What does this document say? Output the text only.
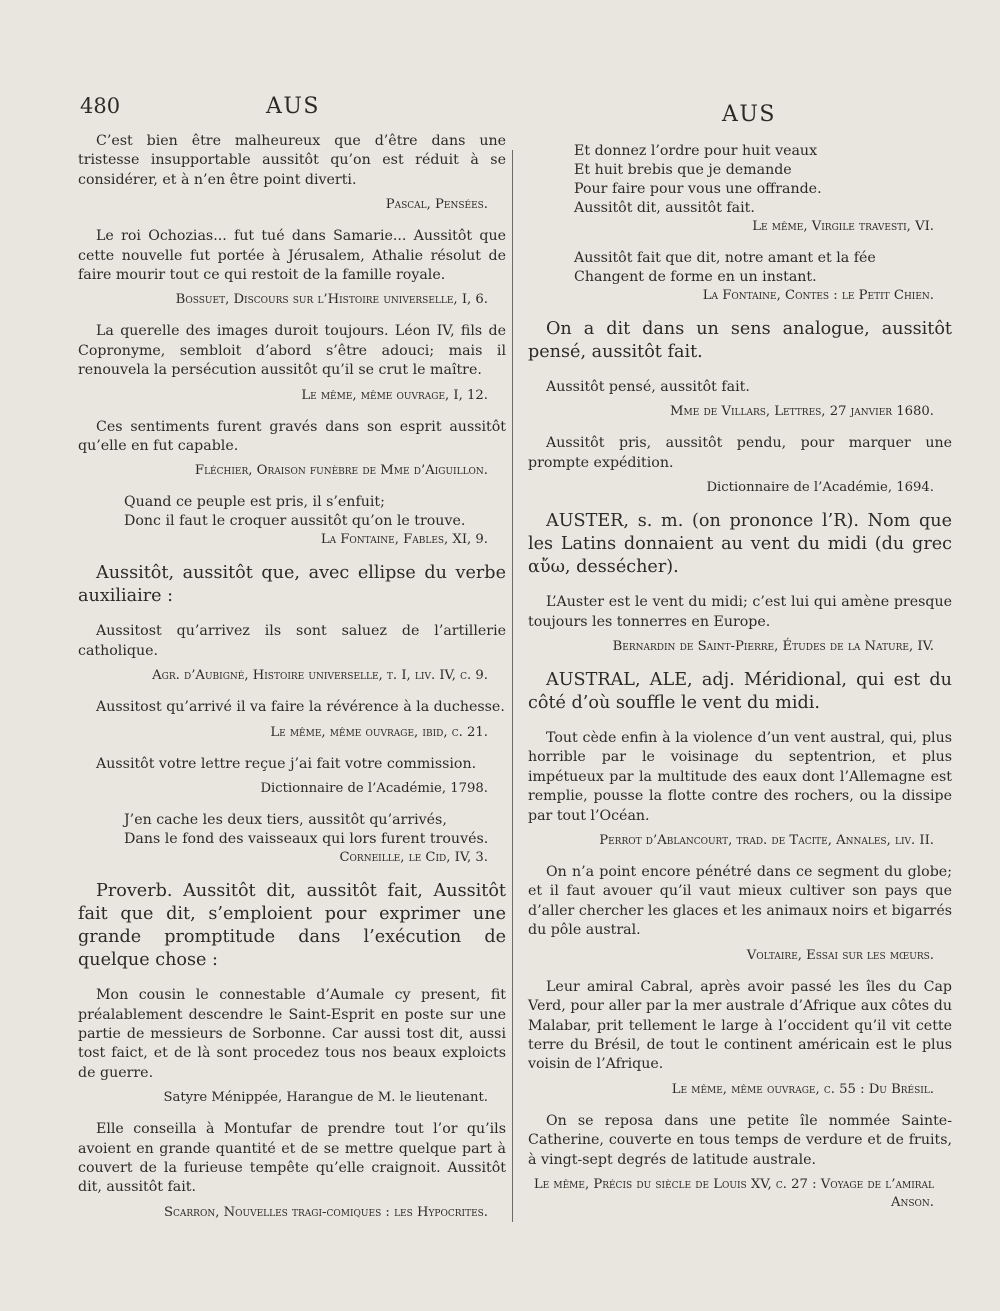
480	AUS	AUS

C’est bien être malheureux que d’être dans une tristesse insupportable aussitôt qu’on est réduit à se considérer, et à n’en être point diverti.

Pascal, Pensées.

Le roi Ochozias... fut tué dans Samarie... Aussitôt que cette nouvelle fut portée à Jérusalem, Athalie résolut de faire mourir tout ce qui restoit de la famille royale.

Bossuet, Discours sur l’Histoire universelle, I, 6.

La querelle des images duroit toujours. Léon IV, fils de Copronyme, sembloit d’abord s’être adouci; mais il renouvela la persécution aussitôt qu’il se crut le maître.

Le même, même ouvrage, I, 12.

Ces sentiments furent gravés dans son esprit aussitôt qu’elle en fut capable.

Fléchier, Oraison funèbre de Mme d’Aiguillon.

Quand ce peuple est pris, il s’enfuit;

Donc il faut le croquer aussitôt qu’on le trouve.

La Fontaine, Fables, XI, 9.

Aussitôt, aussitôt que, avec ellipse du verbe auxiliaire :

Aussitost qu’arrivez ils sont saluez de l’artillerie catholique.

Agr. d’Aubigné, Histoire universelle, t. I, liv. IV, c. 9.

Aussitost qu’arrivé il va faire la révérence à la duchesse.

Le même, même ouvrage, ibid, c. 21.

Aussitôt votre lettre reçue j’ai fait votre commission.

Dictionnaire de l’Académie, 1798.

J’en cache les deux tiers, aussitôt qu’arrivés,

Dans le fond des vaisseaux qui lors furent trouvés.

Corneille, le Cid, IV, 3.

Proverb. Aussitôt dit, aussitôt fait, Aussitôt fait que dit, s’emploient pour exprimer une grande promptitude dans l’exécution de quelque chose :

Mon cousin le connestable d’Aumale cy present, fit préalablement descendre le Saint-Esprit en poste sur une partie de messieurs de Sorbonne. Car aussi tost dit, aussi tost faict, et de là sont procedez tous nos beaux exploicts de guerre.

Satyre Ménippée, Harangue de M. le lieutenant.

Elle conseilla à Montufar de prendre tout l’or qu’ils avoient en grande quantité et de se mettre quelque part à couvert de la furieuse tempête qu’elle craignoit. Aussitôt dit, aussitôt fait.

Scarron, Nouvelles tragi-comiques : les Hypocrites.

Et donnez l’ordre pour huit veaux

Et huit brebis que je demande

Pour faire pour vous une offrande.

Aussitôt dit, aussitôt fait.

Le même, Virgile travesti, VI.

Aussitôt fait que dit, notre amant et la fée

Changent de forme en un instant.

La Fontaine, Contes : le Petit Chien.

On a dit dans un sens analogue, aussitôt pensé, aussitôt fait.

Aussitôt pensé, aussitôt fait.

Mme de Villars, Lettres, 27 janvier 1680.

Aussitôt pris, aussitôt pendu, pour marquer une prompte expédition.

Dictionnaire de l’Académie, 1694.

AUSTER, s. m. (on prononce l’R). Nom que les Latins donnaient au vent du midi (du grec αὔω, dessécher).

L’Auster est le vent du midi; c’est lui qui amène presque toujours les tonnerres en Europe.

Bernardin de Saint-Pierre, Études de la Nature, IV.

AUSTRAL, ALE, adj. Méridional, qui est du côté d’où souffle le vent du midi.

Tout cède enfin à la violence d’un vent austral, qui, plus horrible par le voisinage du septentrion, et plus impétueux par la multitude des eaux dont l’Allemagne est remplie, pousse la flotte contre des rochers, ou la dissipe par tout l’Océan.

Perrot d’Ablancourt, trad. de Tacite, Annales, liv. II.

On n’a point encore pénétré dans ce segment du globe; et il faut avouer qu’il vaut mieux cultiver son pays que d’aller chercher les glaces et les animaux noirs et bigarrés du pôle austral.

Voltaire, Essai sur les mœurs.

Leur amiral Cabral, après avoir passé les îles du Cap Verd, pour aller par la mer australe d’Afrique aux côtes du Malabar, prit tellement le large à l’occident qu’il vit cette terre du Brésil, de tout le continent américain est le plus voisin de l’Afrique.

Le même, même ouvrage, c. 55 : Du Brésil.

On se reposa dans une petite île nommée Sainte-Catherine, couverte en tous temps de verdure et de fruits, à vingt-sept degrés de latitude australe.

Le même, Précis du siècle de Louis XV, c. 27 : Voyage de l’amiral Anson.
